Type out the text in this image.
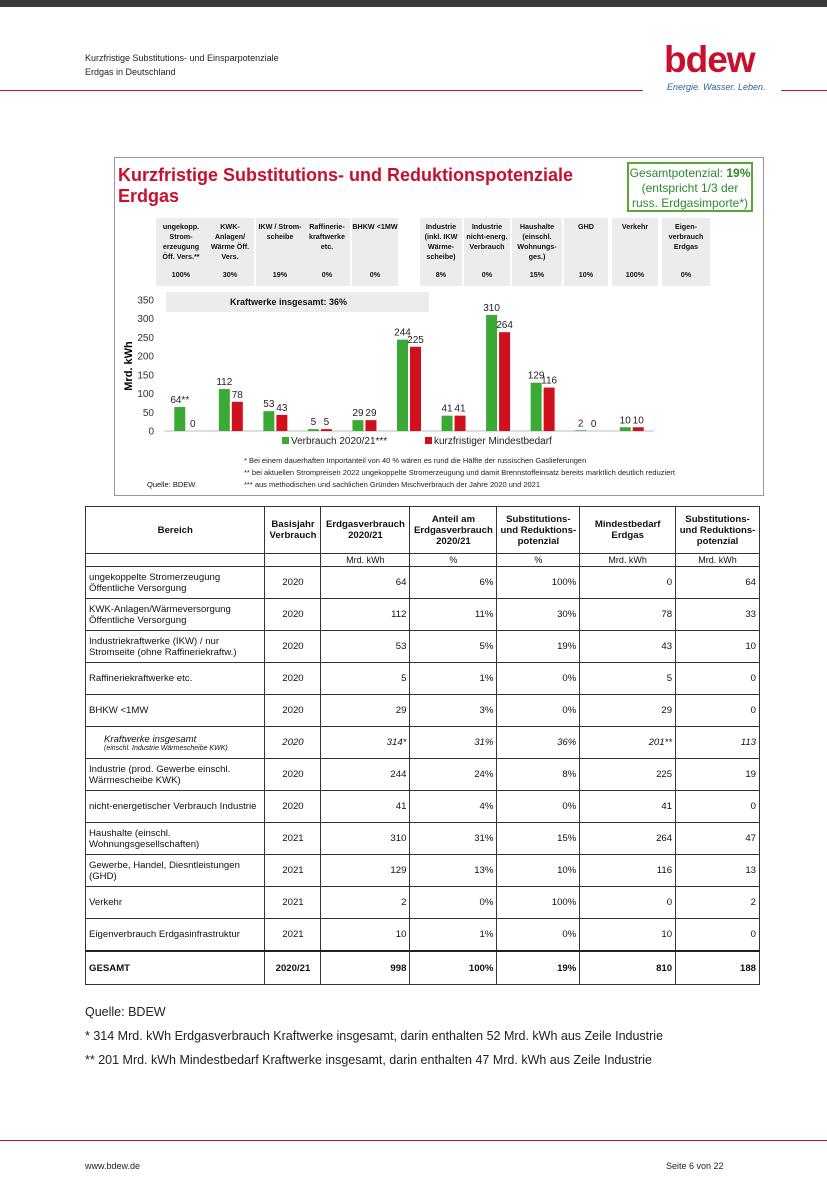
Kurzfristige Substitutions- und Einsparpotenziale
Erdgas in Deutschland	bdew
Energie. Wasser. Leben.
Kurzfristige Substitutions- und Reduktionspotenziale Erdgas
Gesamtpotenzial: 19%
(entspricht 1/3 der
russ. Erdgasimporte*)
ungekopp. Strom-erzeugung Öff. Vers.**
100%
KWK-Anlagen/ Wärme Öff. Vers.
30%
IKW / Strom-scheibe
19%
Raffinerie-kraftwerke etc.
0%
BHKW <1MW
0%
Industrie (inkl. IKW Wärme-scheibe)
8%
Industrie nicht-energ. Verbrauch
0%
Haushalte (einschl. Wohnungs-ges.)
15%
GHD
10%
Verkehr
100%
Eigen-verbrauch Erdgas
0%
Kraftwerke insgesamt: 36%
Mrd. kWh
0
50
100
150
200
250
300
350
64**
112
53
5
29
244
41
310
129
2	10
0
78
43
5
29
225
41
264
116
0	10
Verbrauch 2020/21***	kurzfristiger Mindestbedarf
* Bei einem dauerhaften Importanteil von 40 % wären es rund die Hälfte der russischen Gaslieferungen
** bei aktuellen Strompreisen 2022 ungekoppelte Stromerzeugung und damit Brennstoffeinsatz bereits marktlich deutlich reduziert
*** aus methodischen und sachlichen Gründen Mischverbrauch der Jahre 2020 und 2021
Quelle: BDEW
Bereich	Basisjahr Verbrauch	Erdgasverbrauch 2020/21	Anteil am Erdgasverbrauch 2020/21	Substitutions- und Reduktions-potenzial	Mindestbedarf Erdgas	Substitutions- und Reduktions-potenzial
		Mrd. kWh	%	%	Mrd. kWh	Mrd. kWh
ungekoppelte Stromerzeugung Öffentliche Versorgung	2020	64	6%	100%	0	64
KWK-Anlagen/Wärmeversorgung Öffentliche Versorgung	2020	112	11%	30%	78	33
Industriekraftwerke (IKW) / nur Stromseite (ohne Raffineriekraftw.)	2020	53	5%	19%	43	10
Raffineriekraftwerke etc.	2020	5	1%	0%	5	0
BHKW <1MW	2020	29	3%	0%	29	0
Kraftwerke insgesamt
(einschl. Industrie Wärmescheibe KWK)	2020	314*	31%	36%	201**	113
Industrie (prod. Gewerbe einschl. Wärmescheibe KWK)	2020	244	24%	8%	225	19
nicht-energetischer Verbrauch Industrie	2020	41	4%	0%	41	0
Haushalte (einschl. Wohnungsgesellschaften)	2021	310	31%	15%	264	47
Gewerbe, Handel, Diesntleistungen (GHD)	2021	129	13%	10%	116	13
Verkehr	2021	2	0%	100%	0	2
Eigenverbrauch Erdgasinfrastruktur	2021	10	1%	0%	10	0
GESAMT	2020/21	998	100%	19%	810	188
Quelle: BDEW
* 314 Mrd. kWh Erdgasverbrauch Kraftwerke insgesamt, darin enthalten 52 Mrd. kWh aus Zeile Industrie
** 201 Mrd. kWh Mindestbedarf Kraftwerke insgesamt, darin enthalten 47 Mrd. kWh aus Zeile Industrie
www.bdew.de	Seite 6 von 22
